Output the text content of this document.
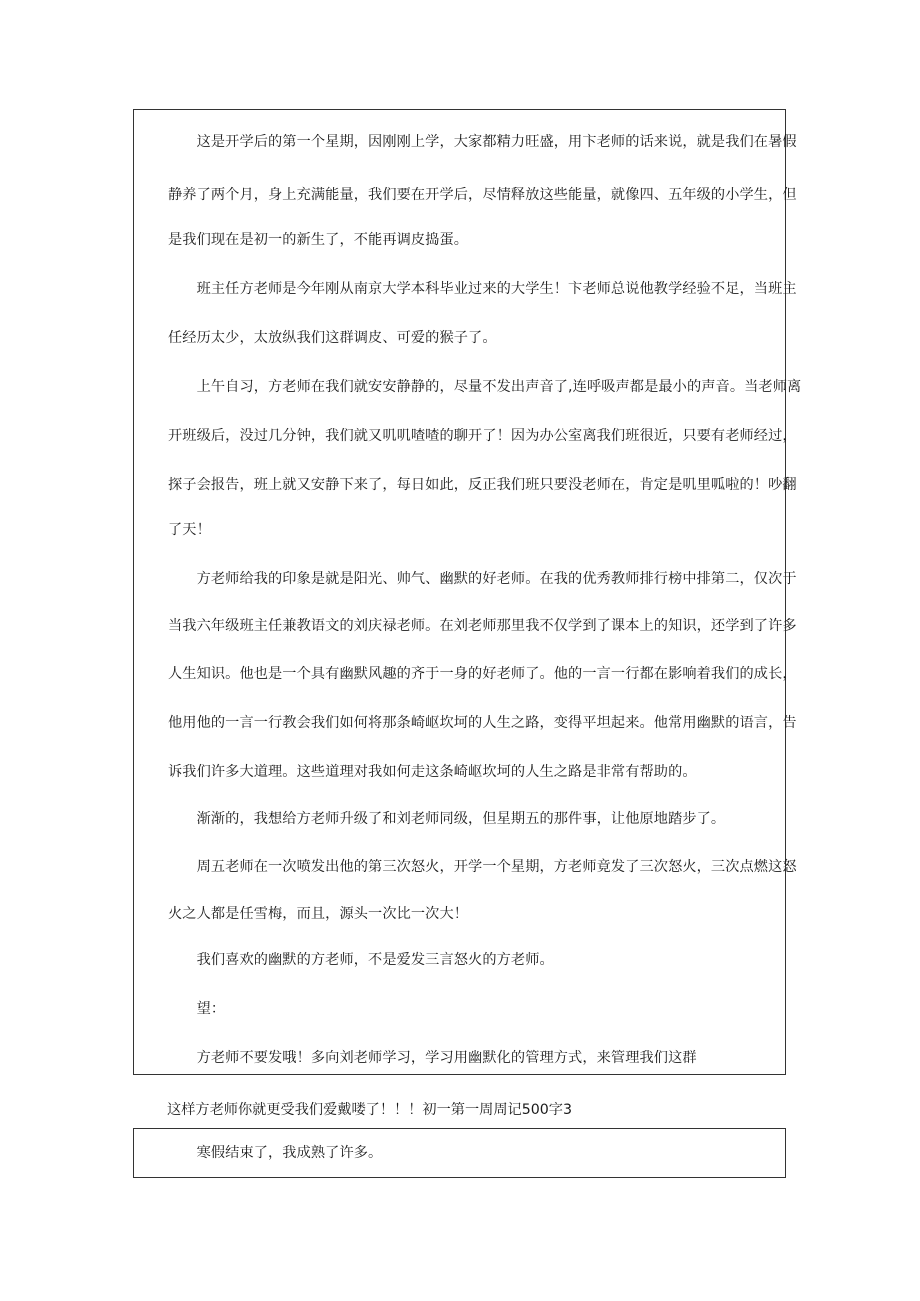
　　这是开学后的第一个星期，因刚刚上学，大家都精力旺盛，用卞老师的话来说，就是我们在暑假

静养了两个月，身上充满能量，我们要在开学后，尽情释放这些能量，就像四、五年级的小学生，但

是我们现在是初一的新生了，不能再调皮捣蛋。

　　班主任方老师是今年刚从南京大学本科毕业过来的大学生！卞老师总说他教学经验不足，当班主

任经历太少，太放纵我们这群调皮、可爱的猴子了。

　　上午自习，方老师在我们就安安静静的，尽量不发出声音了,连呼吸声都是最小的声音。当老师离

开班级后，没过几分钟，我们就又叽叽喳喳的聊开了！因为办公室离我们班很近，只要有老师经过，

探子会报告，班上就又安静下来了，每日如此，反正我们班只要没老师在，肯定是叽里呱啦的！吵翻

了天！

　　方老师给我的印象是就是阳光、帅气、幽默的好老师。在我的优秀教师排行榜中排第二，仅次于

当我六年级班主任兼教语文的刘庆禄老师。在刘老师那里我不仅学到了课本上的知识，还学到了许多

人生知识。他也是一个具有幽默风趣的齐于一身的好老师了。他的一言一行都在影响着我们的成长，

他用他的一言一行教会我们如何将那条崎岖坎坷的人生之路，变得平坦起来。他常用幽默的语言，告

诉我们许多大道理。这些道理对我如何走这条崎岖坎坷的人生之路是非常有帮助的。

　　渐渐的，我想给方老师升级了和刘老师同级，但星期五的那件事，让他原地踏步了。

　　周五老师在一次喷发出他的第三次怒火，开学一个星期，方老师竟发了三次怒火，三次点燃这怒

火之人都是任雪梅，而且，源头一次比一次大！

　　我们喜欢的幽默的方老师，不是爱发三言怒火的方老师。

　　望：

　　方老师不要发哦！多向刘老师学习，学习用幽默化的管理方式，来管理我们这群

这样方老师你就更受我们爱戴喽了！！！初一第一周周记500字3

　　寒假结束了，我成熟了许多。
